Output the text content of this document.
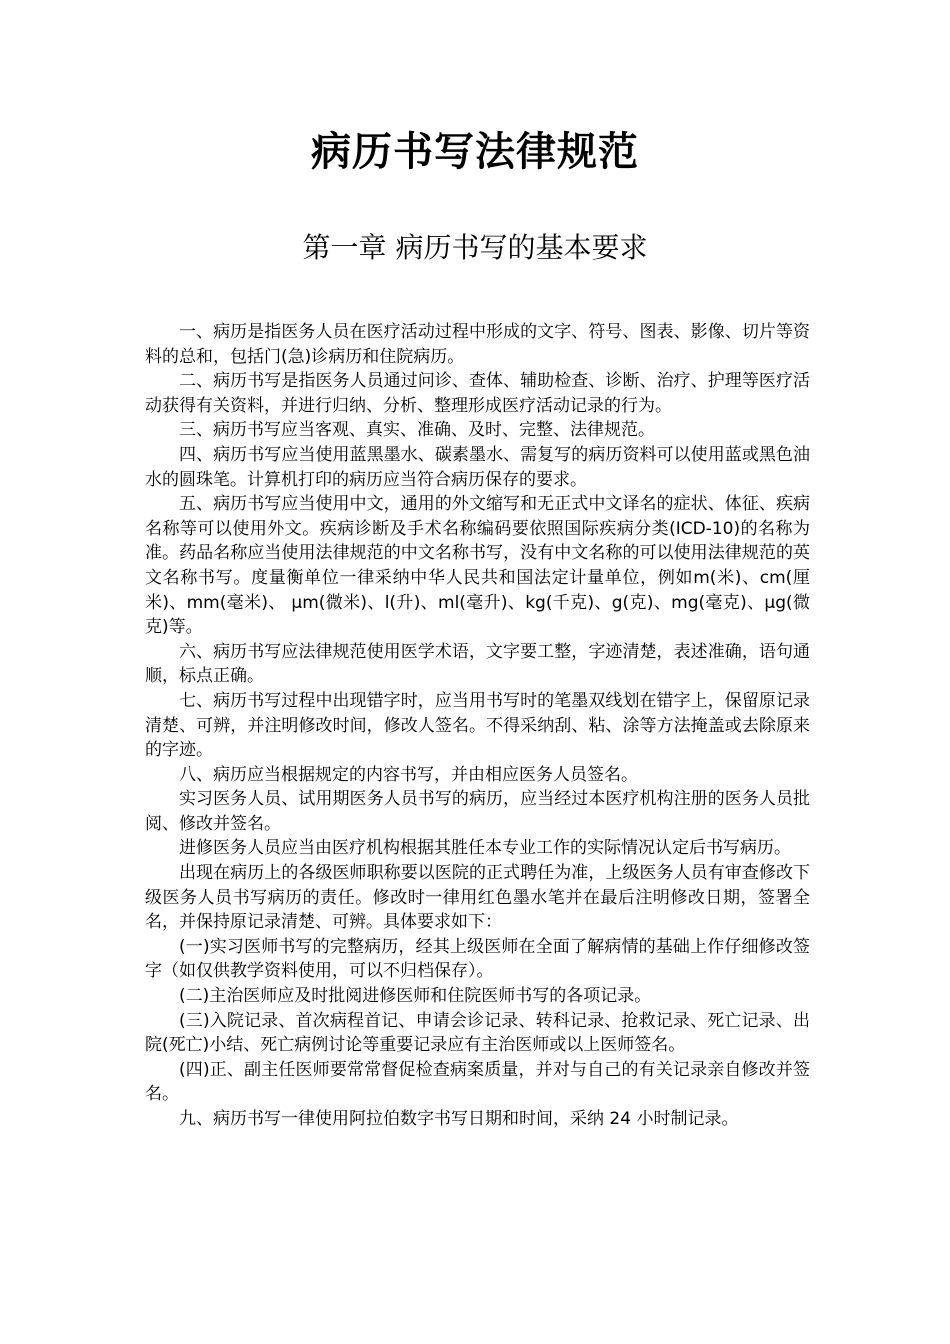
病历书写法律规范
第一章 病历书写的基本要求

一、病历是指医务人员在医疗活动过程中形成的文字、符号、图表、影像、切片等资料的总和，包括门(急)诊病历和住院病历。

二、病历书写是指医务人员通过问诊、查体、辅助检查、诊断、治疗、护理等医疗活动获得有关资料，并进行归纳、分析、整理形成医疗活动记录的行为。

三、病历书写应当客观、真实、准确、及时、完整、法律规范。

四、病历书写应当使用蓝黑墨水、碳素墨水、需复写的病历资料可以使用蓝或黑色油水的圆珠笔。计算机打印的病历应当符合病历保存的要求。

五、病历书写应当使用中文，通用的外文缩写和无正式中文译名的症状、体征、疾病名称等可以使用外文。疾病诊断及手术名称编码要依照国际疾病分类(ICD-10)的名称为准。药品名称应当使用法律规范的中文名称书写，没有中文名称的可以使用法律规范的英文名称书写。度量衡单位一律采纳中华人民共和国法定计量单位，例如m(米)、cm(厘米)、mm(毫米)、 μm(微米)、l(升)、ml(毫升)、kg(千克)、g(克)、mg(毫克)、μg(微克)等。

六、病历书写应法律规范使用医学术语，文字要工整，字迹清楚，表述准确，语句通顺，标点正确。

七、病历书写过程中出现错字时，应当用书写时的笔墨双线划在错字上，保留原记录清楚、可辨，并注明修改时间，修改人签名。不得采纳刮、粘、涂等方法掩盖或去除原来的字迹。

八、病历应当根据规定的内容书写，并由相应医务人员签名。

实习医务人员、试用期医务人员书写的病历，应当经过本医疗机构注册的医务人员批阅、修改并签名。

进修医务人员应当由医疗机构根据其胜任本专业工作的实际情况认定后书写病历。

出现在病历上的各级医师职称要以医院的正式聘任为准，上级医务人员有审查修改下级医务人员书写病历的责任。修改时一律用红色墨水笔并在最后注明修改日期，签署全名，并保持原记录清楚、可辨。具体要求如下：

(一)实习医师书写的完整病历，经其上级医师在全面了解病情的基础上作仔细修改签字（如仅供教学资料使用，可以不归档保存）。

(二)主治医师应及时批阅进修医师和住院医师书写的各项记录。

(三)入院记录、首次病程首记、申请会诊记录、转科记录、抢救记录、死亡记录、出院(死亡)小结、死亡病例讨论等重要记录应有主治医师或以上医师签名。

(四)正、副主任医师要常常督促检查病案质量，并对与自己的有关记录亲自修改并签名。

九、病历书写一律使用阿拉伯数字书写日期和时间，采纳 24 小时制记录。
